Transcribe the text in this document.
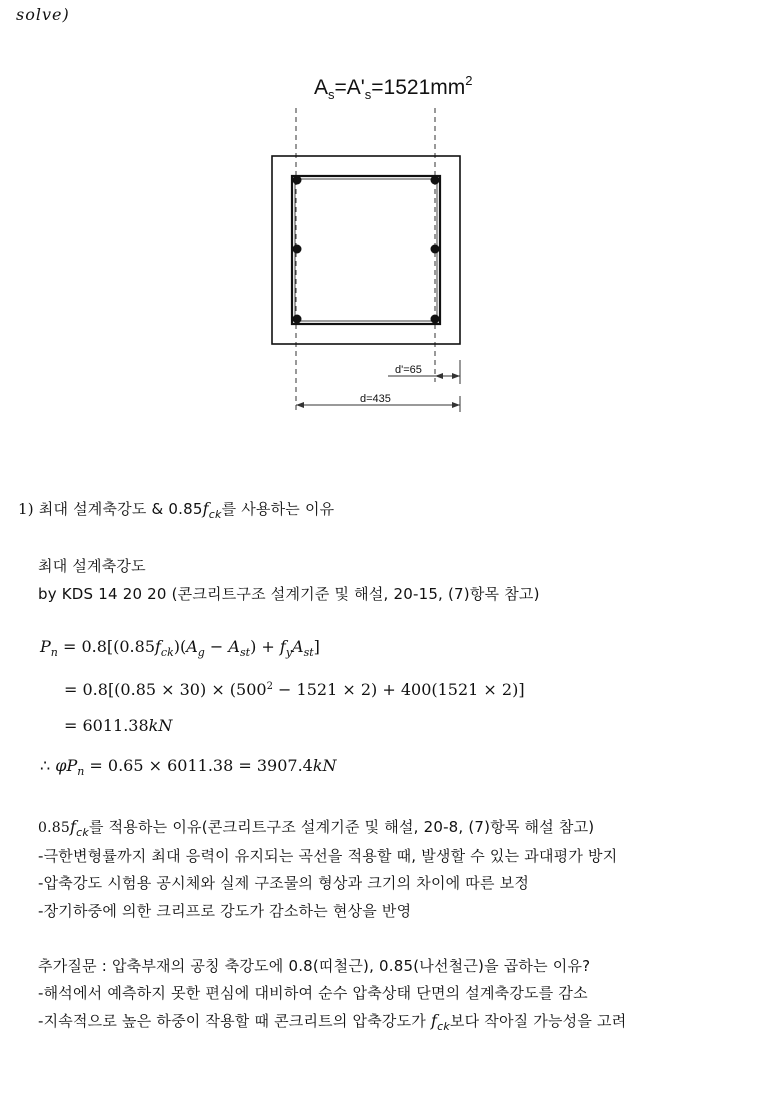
solve)
$A_s=A'_s=1521mm^2$
d'=65
d=435
1) 최대 설계축강도 & $0.85f_{ck}$를 사용하는 이유
최대 설계축강도
by KDS 14 20 20 (콘크리트구조 설계기준 및 해설, 20-15, (7)항목 참고)
$P_n = 0.8[(0.85f_{ck})(A_g - A_{st}) + f_yA_{st}]$
= $0.8[(0.85 \times 30) \times (500^2 - 1521 \times 2) + 400(1521 \times 2)]$
= 6011.38kN
∴ $\varphi P_n = 0.65 \times 6011.38 = 3907.4kN$
$0.85f_{ck}$를 적용하는 이유(콘크리트구조 설계기준 및 해설, 20-8, (7)항목 해설 참고)
-극한변형률까지 최대 응력이 유지되는 곡선을 적용할 때, 발생할 수 있는 과대평가 방지
-압축강도 시험용 공시체와 실제 구조물의 형상과 크기의 차이에 따른 보정
-장기하중에 의한 크리프로 강도가 감소하는 현상을 반영
추가질문 : 압축부재의 공칭 축강도에 0.8(띠철근), 0.85(나선철근)을 곱하는 이유?
-해석에서 예측하지 못한 편심에 대비하여 순수 압축상태 단면의 설계축강도를 감소
-지속적으로 높은 하중이 작용할 때 콘크리트의 압축강도가 $f_{ck}$보다 작아질 가능성을 고려
